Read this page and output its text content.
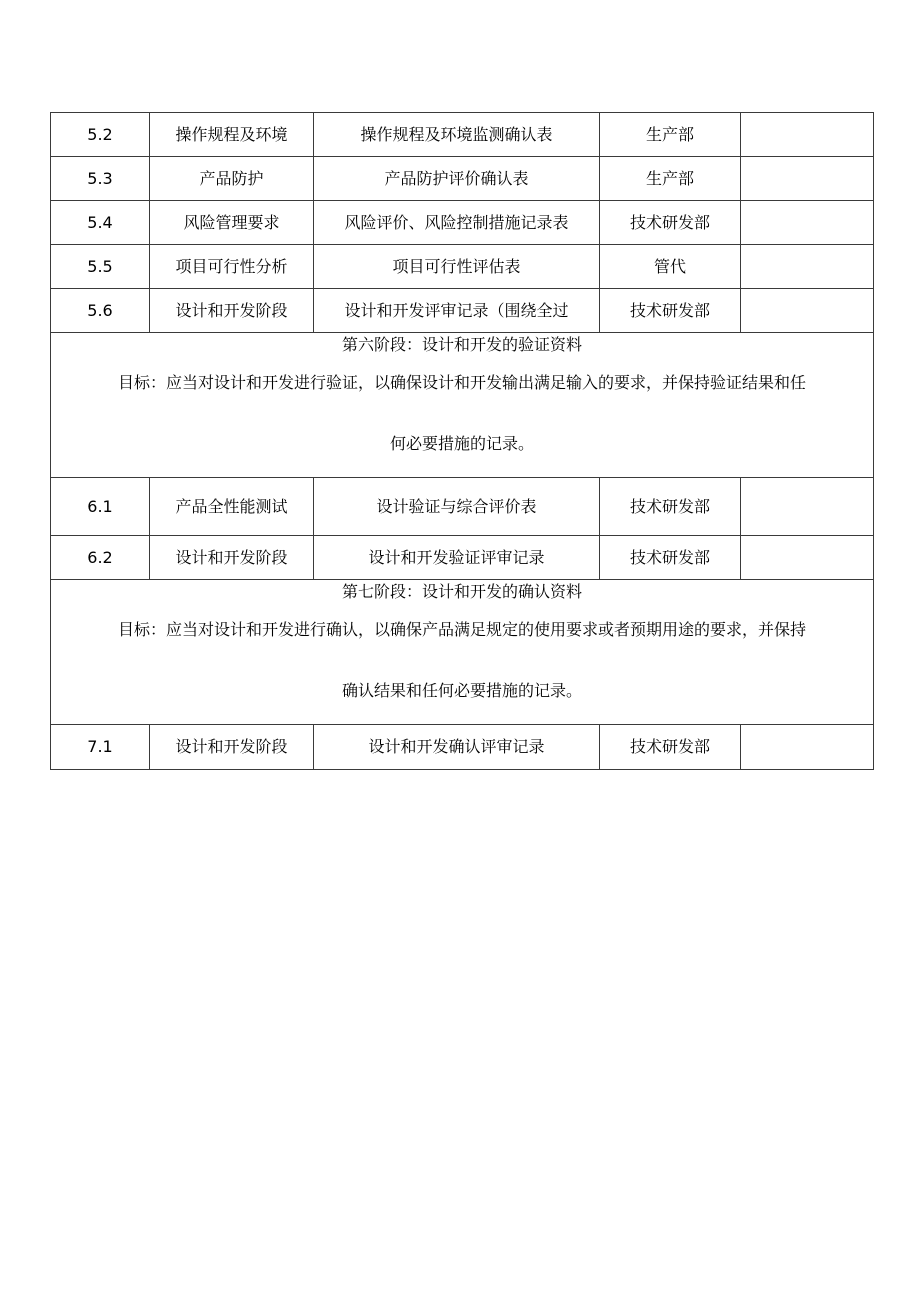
5.2	操作规程及环境	操作规程及环境监测确认表	生产部	
5.3	产品防护	产品防护评价确认表	生产部	
5.4	风险管理要求	风险评价、风险控制措施记录表	技术研发部	
5.5	项目可行性分析	项目可行性评估表	管代	
5.6	设计和开发阶段	设计和开发评审记录（围绕全过	技术研发部	

第六阶段：设计和开发的验证资料
目标：应当对设计和开发进行验证，以确保设计和开发输出满足输入的要求，并保持验证结果和任
何必要措施的记录。				

6.1	产品全性能测试	设计验证与综合评价表	技术研发部	
6.2	设计和开发阶段	设计和开发验证评审记录	技术研发部	

第七阶段：设计和开发的确认资料
目标：应当对设计和开发进行确认，以确保产品满足规定的使用要求或者预期用途的要求，并保持
确认结果和任何必要措施的记录。				

7.1	设计和开发阶段	设计和开发确认评审记录	技术研发部	
